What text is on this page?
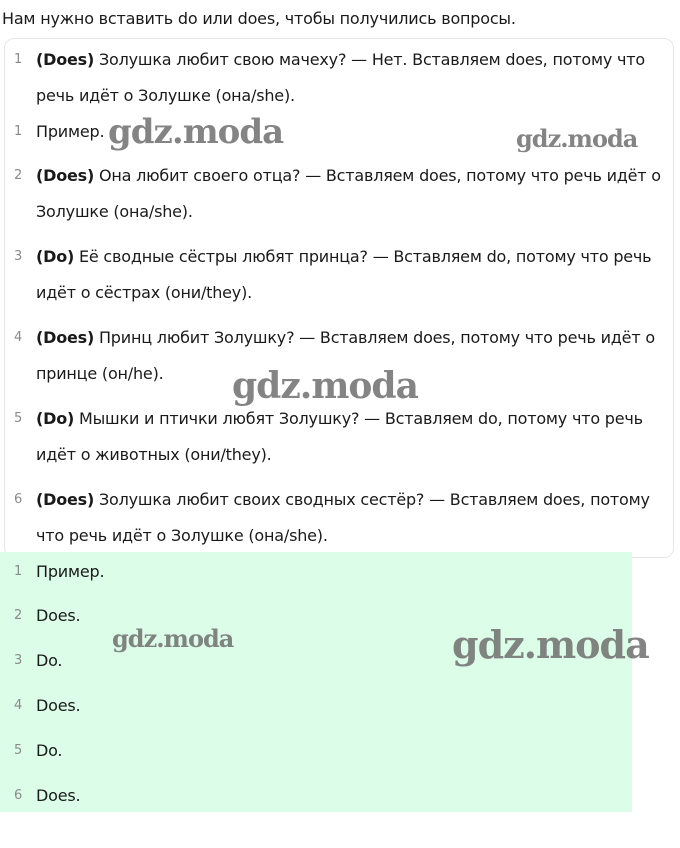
Нам нужно вставить do или does, чтобы получились вопросы.
1 (Does) Золушка любит свою мачеху? — Нет. Вставляем does, потому что
речь идёт о Золушке (она/she).
1 Пример.
2 (Does) Она любит своего отца? — Вставляем does, потому что речь идёт о
Золушке (она/she).
3 (Do) Её сводные сёстры любят принца? — Вставляем do, потому что речь
идёт о сёстрах (они/they).
4 (Does) Принц любит Золушку? — Вставляем does, потому что речь идёт о
принце (он/he).
5 (Do) Мышки и птички любят Золушку? — Вставляем do, потому что речь
идёт о животных (они/they).
6 (Does) Золушка любит своих сводных сестёр? — Вставляем does, потому
что речь идёт о Золушке (она/she).
1 Пример.
2 Does.
3 Do.
4 Does.
5 Do.
6 Does.
gdz.moda	gdz.moda
gdz.moda
gdz.moda	gdz.moda
